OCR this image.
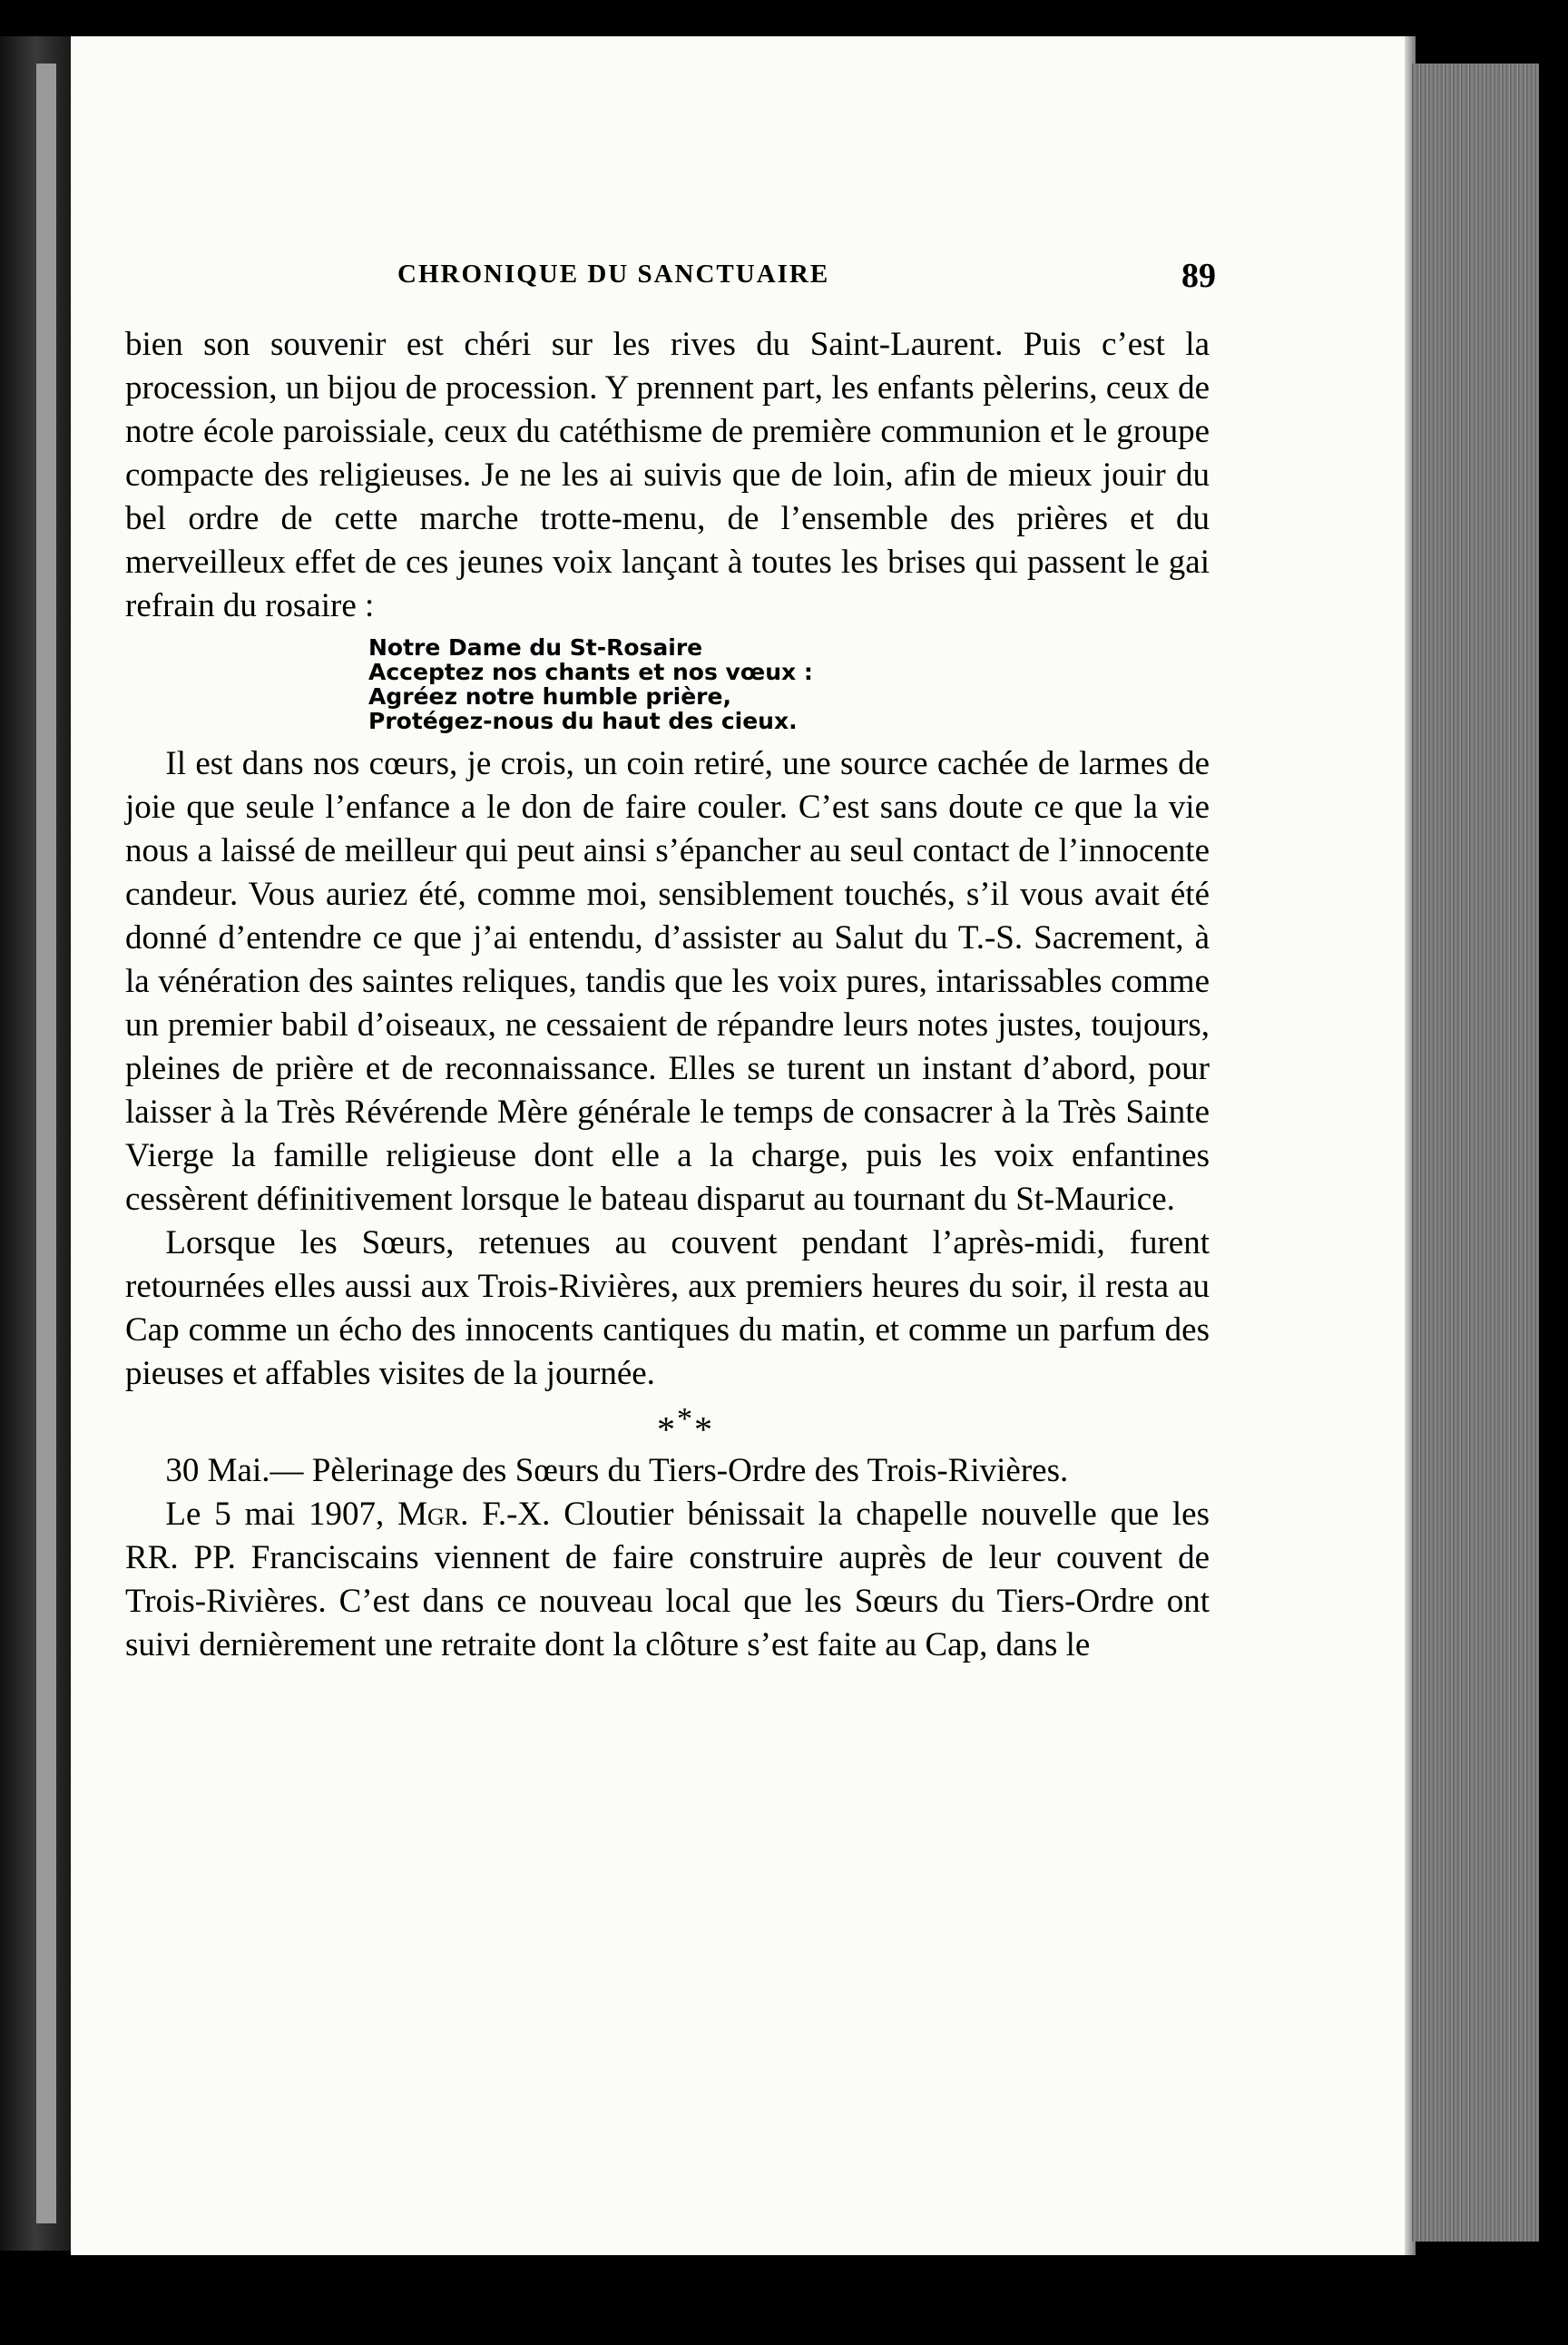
CHRONIQUE DU SANCTUAIRE	89

bien son souvenir est chéri sur les rives du Saint-Laurent. Puis c’est la procession, un bijou de procession. Y prennent part, les enfants pèlerins, ceux de notre école paroissiale, ceux du catéthisme de première communion et le groupe compacte des religieuses. Je ne les ai suivis que de loin, afin de mieux jouir du bel ordre de cette marche trotte-menu, de l’ensemble des prières et du merveilleux effet de ces jeunes voix lançant à toutes les brises qui passent le gai refrain du rosaire :

Notre Dame du St-Rosaire
Acceptez nos chants et nos vœux :
Agréez notre humble prière,
Protégez-nous du haut des cieux.

Il est dans nos cœurs, je crois, un coin retiré, une source cachée de larmes de joie que seule l’enfance a le don de faire couler. C’est sans doute ce que la vie nous a laissé de meilleur qui peut ainsi s’épancher au seul contact de l’innocente candeur. Vous auriez été, comme moi, sensiblement touchés, s’il vous avait été donné d’entendre ce que j’ai entendu, d’assister au Salut du T.-S. Sacrement, à la vénération des saintes reliques, tandis que les voix pures, intarissables comme un premier babil d’oiseaux, ne cessaient de répandre leurs notes justes, toujours, pleines de prière et de reconnaissance. Elles se turent un instant d’abord, pour laisser à la Très Révérende Mère générale le temps de consacrer à la Très Sainte Vierge la famille religieuse dont elle a la charge, puis les voix enfantines cessèrent définitivement lorsque le bateau disparut au tournant du St-Maurice.

Lorsque les Sœurs, retenues au couvent pendant l’après-midi, furent retournées elles aussi aux Trois-Rivières, aux premiers heures du soir, il resta au Cap comme un écho des innocents cantiques du matin, et comme un parfum des pieuses et affables visites de la journée.

***

30 Mai.— Pèlerinage des Sœurs du Tiers-Ordre des Trois-Rivières.

Le 5 mai 1907, Mgr. F.-X. Cloutier bénissait la chapelle nouvelle que les RR. PP. Franciscains viennent de faire construire auprès de leur couvent de Trois-Rivières. C’est dans ce nouveau local que les Sœurs du Tiers-Ordre ont suivi dernièrement une retraite dont la clôture s’est faite au Cap, dans le
